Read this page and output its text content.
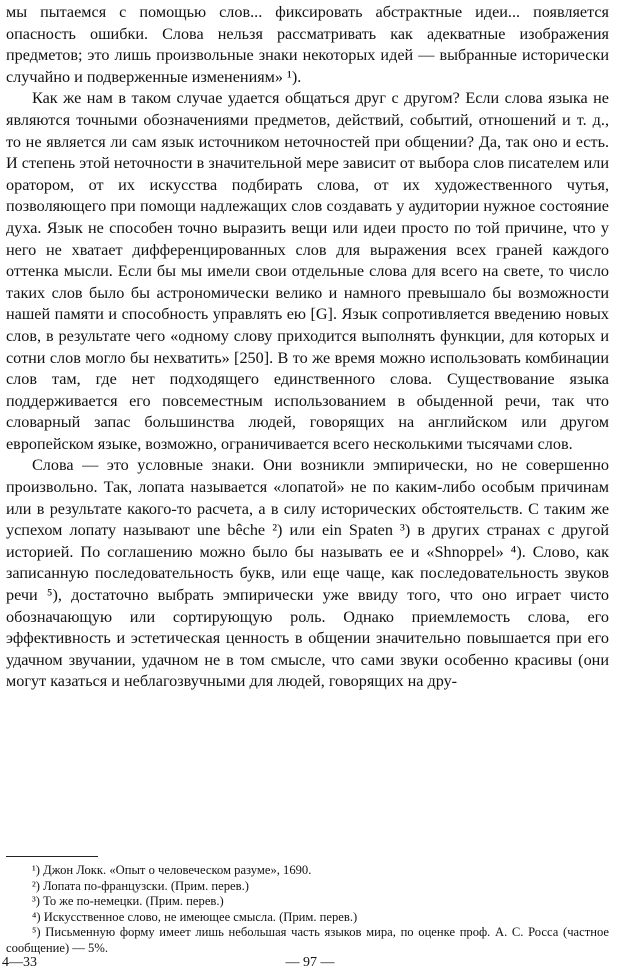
мы пытаемся с помощью слов... фиксировать абстрактные идеи... появляется опасность ошибки. Слова нельзя рассматривать как адекватные изображения предметов; это лишь произвольные знаки некоторых идей — выбранные исторически случайно и подверженные изменениям» ¹).

Как же нам в таком случае удается общаться друг с другом? Если слова языка не являются точными обозначениями предметов, действий, событий, отношений и т. д., то не является ли сам язык источником неточностей при общении? Да, так оно и есть. И степень этой неточности в значительной мере зависит от выбора слов писателем или оратором, от их искусства подбирать слова, от их художественного чутья, позволяющего при помощи надлежащих слов создавать у аудитории нужное состояние духа. Язык не способен точно выразить вещи или идеи просто по той причине, что у него не хватает дифференцированных слов для выражения всех граней каждого оттенка мысли. Если бы мы имели свои отдельные слова для всего на свете, то число таких слов было бы астрономически велико и намного превышало бы возможности нашей памяти и способность управлять ею [G]. Язык сопротивляется введению новых слов, в результате чего «одному слову приходится выполнять функции, для которых и сотни слов могло бы нехватить» [250]. В то же время можно использовать комбинации слов там, где нет подходящего единственного слова. Существование языка поддерживается его повсеместным использованием в обыденной речи, так что словарный запас большинства людей, говорящих на английском или другом европейском языке, возможно, ограничивается всего несколькими тысячами слов.

Слова — это условные знаки. Они возникли эмпирически, но не совершенно произвольно. Так, лопата называется «лопатой» не по каким-либо особым причинам или в результате какого-то расчета, а в силу исторических обстоятельств. С таким же успехом лопату называют une bêche ²) или ein Spaten ³) в других странах с другой историей. По соглашению можно было бы называть ее и «Shnoppel» ⁴). Слово, как записанную последовательность букв, или еще чаще, как последовательность звуков речи ⁵), достаточно выбрать эмпирически уже ввиду того, что оно играет чисто обозначающую или сортирующую роль. Однако приемлемость слова, его эффективность и эстетическая ценность в общении значительно повышается при его удачном звучании, удачном не в том смысле, что сами звуки особенно красивы (они могут казаться и неблагозвучными для людей, говорящих на дру-

¹) Джон Локк. «Опыт о человеческом разуме», 1690.

²) Лопата по-французски. (Прим. перев.)

³) То же по-немецки. (Прим. перев.)

⁴) Искусственное слово, не имеющее смысла. (Прим. перев.)

⁵) Письменную форму имеет лишь небольшая часть языков мира, по оценке проф. А. С. Росса (частное сообщение) — 5%.

— 97 —
4—33
